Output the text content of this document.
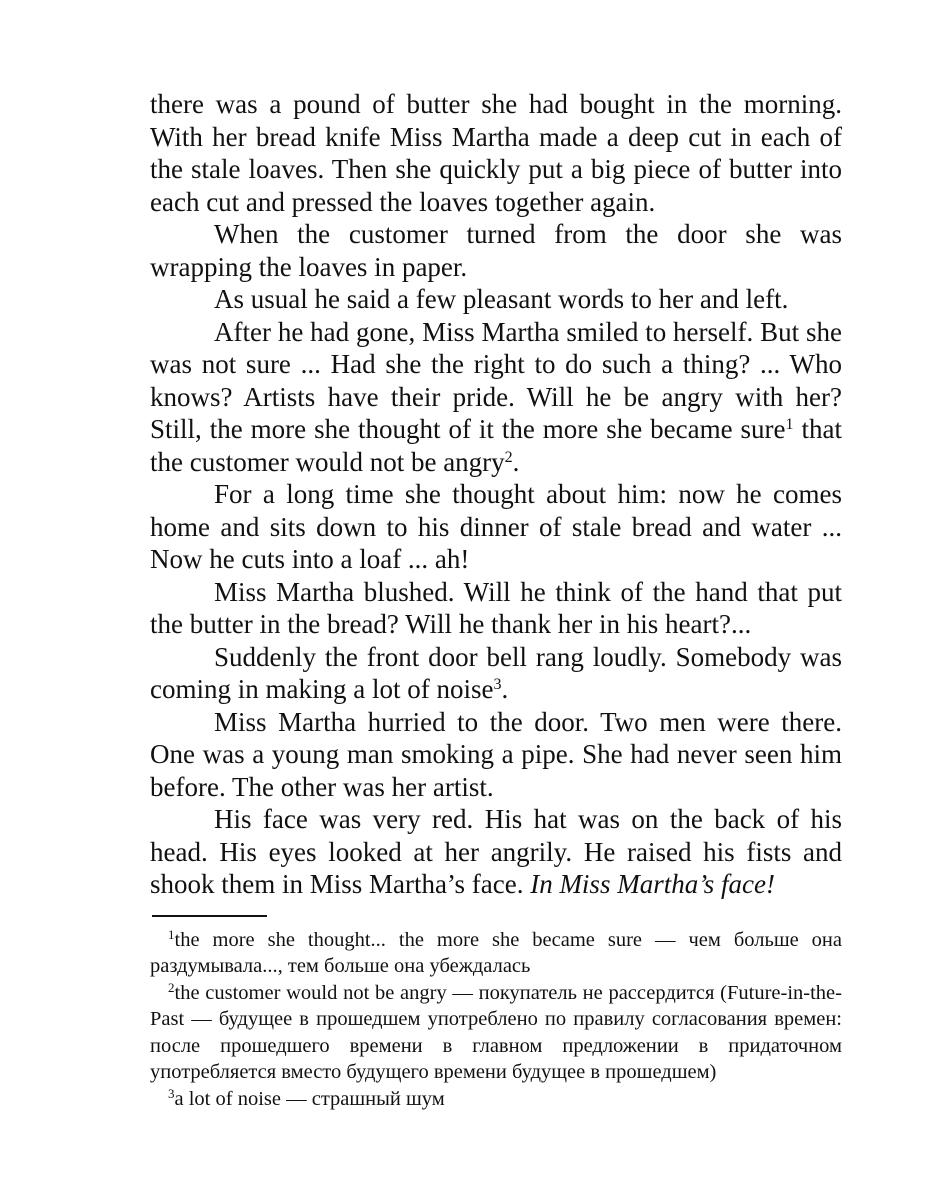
there was a pound of butter she had bought in the morning. With her bread knife Miss Martha made a deep cut in each of the stale loaves. Then she quickly put a big piece of butter into each cut and pressed the loaves together again.

When the customer turned from the door she was wrapping the loaves in paper.

As usual he said a few pleasant words to her and left.

After he had gone, Miss Martha smiled to herself. But she was not sure ... Had she the right to do such a thing? ... Who knows? Artists have their pride. Will he be angry with her? Still, the more she thought of it the more she became sure$^1$ that the customer would not be angry$^2$.

For a long time she thought about him: now he comes home and sits down to his dinner of stale bread and water ... Now he cuts into a loaf ... ah!

Miss Martha blushed. Will he think of the hand that put the butter in the bread? Will he thank her in his heart?...

Suddenly the front door bell rang loudly. Somebody was coming in making a lot of noise$^3$.

Miss Martha hurried to the door. Two men were there. One was a young man smoking a pipe. She had never seen him before. The other was her artist.

His face was very red. His hat was on the back of his head. His eyes looked at her angrily. He raised his fists and shook them in Miss Martha’s face. In Miss Martha’s face!

$^1$the more she thought... the more she became sure — чем больше она раздумывала..., тем больше она убеждалась

$^2$the customer would not be angry — покупатель не рассердится (Future-in-the-Past — будущее в прошедшем употреблено по правилу согласования времен: после прошедшего времени в главном предложении в придаточном употребляется вместо будущего времени будущее в прошедшем)

$^3$a lot of noise — страшный шум
